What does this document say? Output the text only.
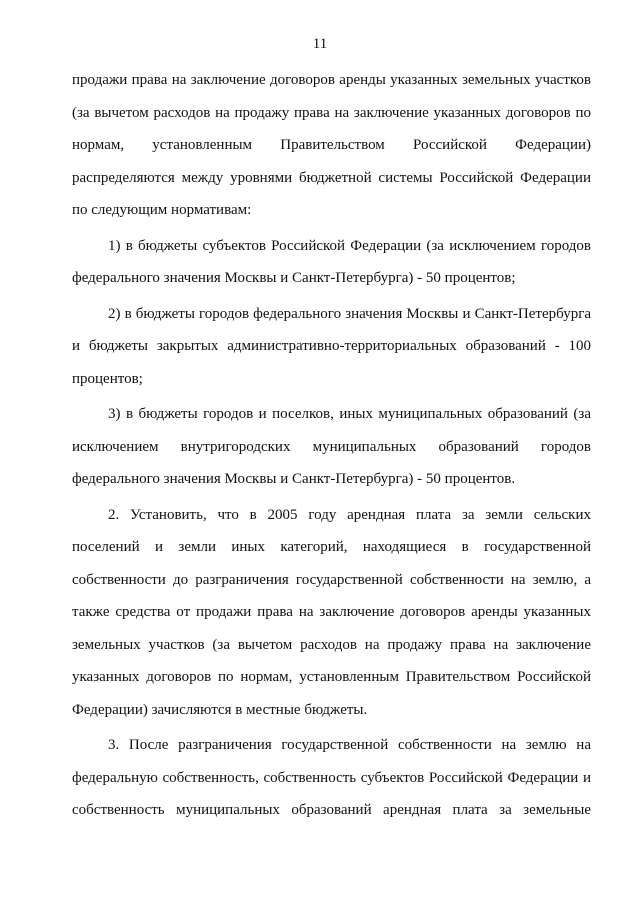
11

продажи права на заключение договоров аренды указанных земельных участков (за вычетом расходов на продажу права на заключение указанных договоров по нормам, установленным Правительством Российской Федерации) распределяются между уровнями бюджетной системы Российской Федерации по следующим нормативам:

1) в бюджеты субъектов Российской Федерации (за исключением городов федерального значения Москвы и Санкт-Петербурга) - 50 процентов;

2) в бюджеты городов федерального значения Москвы и Санкт-Петербурга и бюджеты закрытых административно-территориальных образований - 100 процентов;

3) в бюджеты городов и поселков, иных муниципальных образований (за исключением внутригородских муниципальных образований городов федерального значения Москвы и Санкт-Петербурга) - 50 процентов.

2. Установить, что в 2005 году арендная плата за земли сельских поселений и земли иных категорий, находящиеся в государственной собственности до разграничения государственной собственности на землю, а также средства от продажи права на заключение договоров аренды указанных земельных участков (за вычетом расходов на продажу права на заключение указанных договоров по нормам, установленным Правительством Российской Федерации) зачисляются в местные бюджеты.

3. После разграничения государственной собственности на землю на федеральную собственность, собственность субъектов Российской Федерации и собственность муниципальных образований арендная плата за земельные
